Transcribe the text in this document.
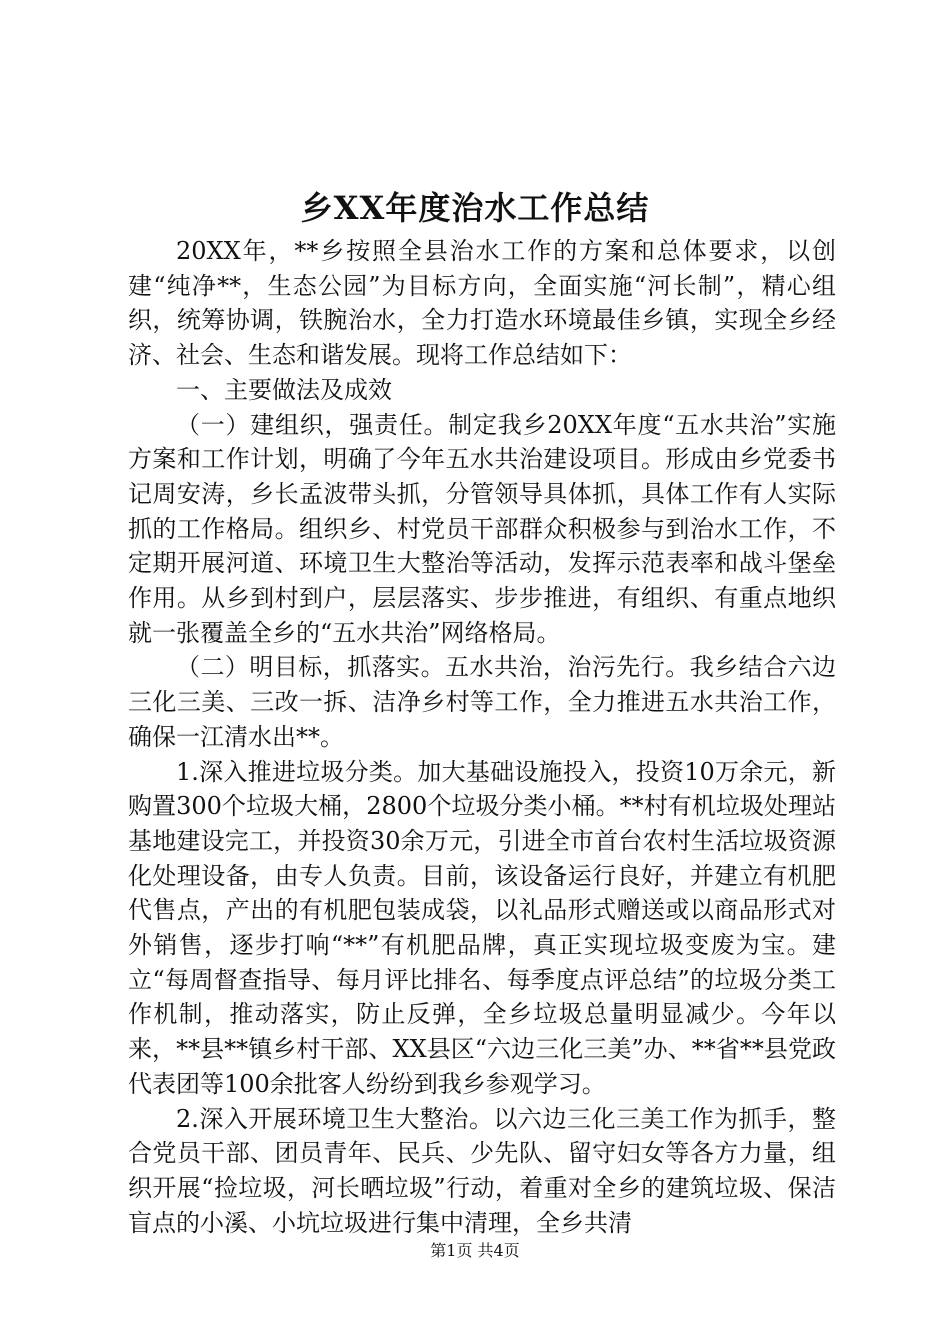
乡XX年度治水工作总结

20XX年，**乡按照全县治水工作的方案和总体要求，以创建“纯净**，生态公园”为目标方向，全面实施“河长制”，精心组织，统筹协调，铁腕治水，全力打造水环境最佳乡镇，实现全乡经济、社会、生态和谐发展。现将工作总结如下：

一、主要做法及成效

（一）建组织，强责任。制定我乡20XX年度“五水共治”实施方案和工作计划，明确了今年五水共治建设项目。形成由乡党委书记周安涛，乡长孟波带头抓，分管领导具体抓，具体工作有人实际抓的工作格局。组织乡、村党员干部群众积极参与到治水工作，不定期开展河道、环境卫生大整治等活动，发挥示范表率和战斗堡垒作用。从乡到村到户，层层落实、步步推进，有组织、有重点地织就一张覆盖全乡的“五水共治”网络格局。

（二）明目标，抓落实。五水共治，治污先行。我乡结合六边三化三美、三改一拆、洁净乡村等工作，全力推进五水共治工作，确保一江清水出**。

1.深入推进垃圾分类。加大基础设施投入，投资10万余元，新购置300个垃圾大桶，2800个垃圾分类小桶。**村有机垃圾处理站基地建设完工，并投资30余万元，引进全市首台农村生活垃圾资源化处理设备，由专人负责。目前，该设备运行良好，并建立有机肥代售点，产出的有机肥包装成袋，以礼品形式赠送或以商品形式对外销售，逐步打响“**”有机肥品牌，真正实现垃圾变废为宝。建立“每周督查指导、每月评比排名、每季度点评总结”的垃圾分类工作机制，推动落实，防止反弹，全乡垃圾总量明显减少。今年以来，**县**镇乡村干部、XX县区“六边三化三美”办、**省**县党政代表团等100余批客人纷纷到我乡参观学习。

2.深入开展环境卫生大整治。以六边三化三美工作为抓手，整合党员干部、团员青年、民兵、少先队、留守妇女等各方力量，组织开展“捡垃圾，河长晒垃圾”行动，着重对全乡的建筑垃圾、保洁盲点的小溪、小坑垃圾进行集中清理，全乡共清

第1页 共4页
